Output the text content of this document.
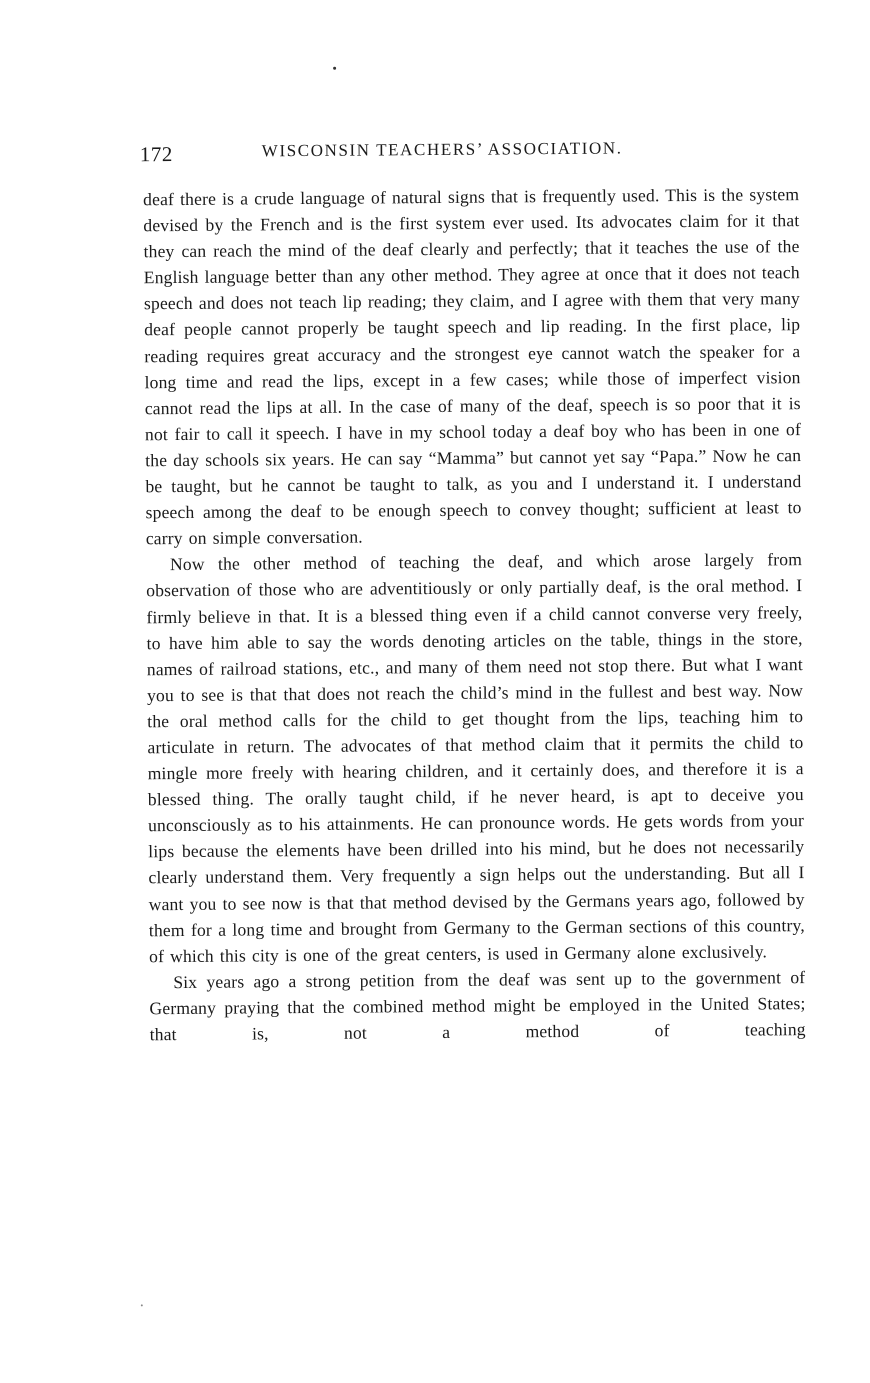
172	WISCONSIN TEACHERS’ ASSOCIATION.

deaf there is a crude language of natural signs that is frequently used. This is the system devised by the French and is the first system ever used. Its advocates claim for it that they can reach the mind of the deaf clearly and perfectly; that it teaches the use of the English language better than any other method. They agree at once that it does not teach speech and does not teach lip reading; they claim, and I agree with them that very many deaf people cannot properly be taught speech and lip reading. In the first place, lip reading requires great accuracy and the strongest eye cannot watch the speaker for a long time and read the lips, except in a few cases; while those of imperfect vision cannot read the lips at all. In the case of many of the deaf, speech is so poor that it is not fair to call it speech. I have in my school today a deaf boy who has been in one of the day schools six years. He can say “Mamma” but cannot yet say “Papa.” Now he can be taught, but he cannot be taught to talk, as you and I understand it. I understand speech among the deaf to be enough speech to convey thought; sufficient at least to carry on simple conversation.

Now the other method of teaching the deaf, and which arose largely from observation of those who are adventitiously or only partially deaf, is the oral method. I firmly believe in that. It is a blessed thing even if a child cannot converse very freely, to have him able to say the words denoting articles on the table, things in the store, names of railroad stations, etc., and many of them need not stop there. But what I want you to see is that that does not reach the child’s mind in the fullest and best way. Now the oral method calls for the child to get thought from the lips, teaching him to articulate in return. The advocates of that method claim that it permits the child to mingle more freely with hearing children, and it certainly does, and therefore it is a blessed thing. The orally taught child, if he never heard, is apt to deceive you unconsciously as to his attainments. He can pronounce words. He gets words from your lips because the elements have been drilled into his mind, but he does not necessarily clearly understand them. Very frequently a sign helps out the understanding. But all I want you to see now is that that method devised by the Germans years ago, followed by them for a long time and brought from Germany to the German sections of this country, of which this city is one of the great centers, is used in Germany alone exclusively.

Six years ago a strong petition from the deaf was sent up to the government of Germany praying that the combined method might be employed in the United States; that is, not a method of teaching
